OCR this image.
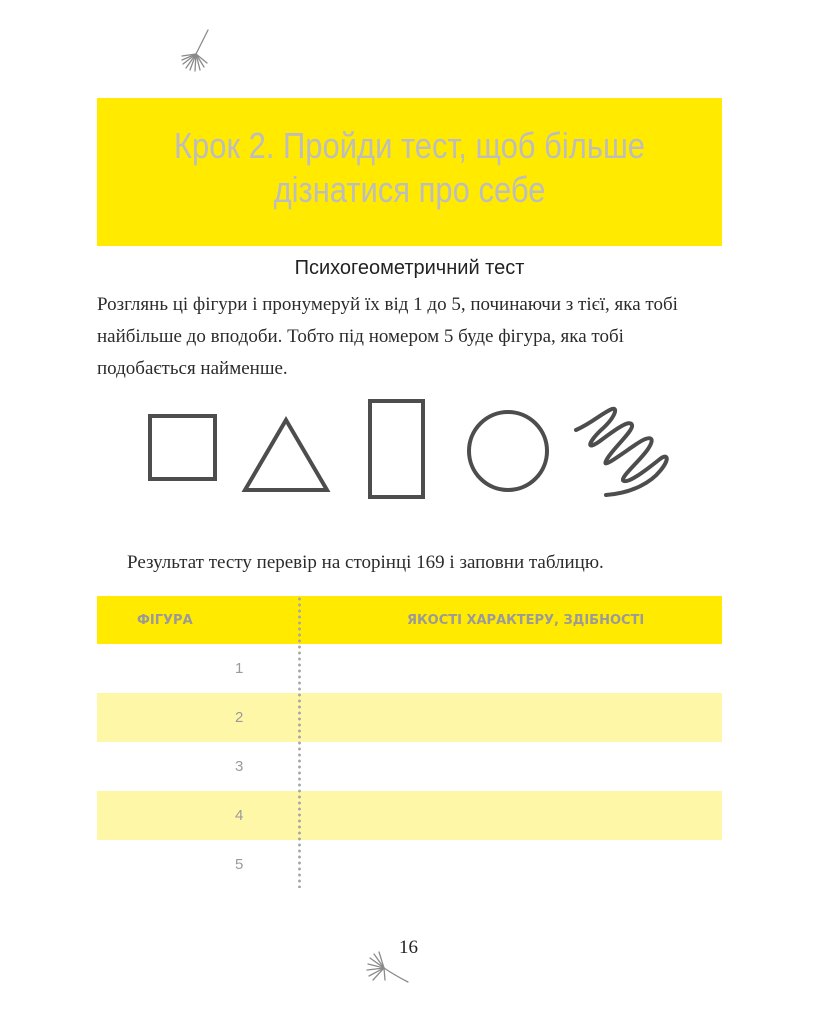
Крок 2. Пройди тест, щоб більше
дізнатися про себе
Психогеометричний тест
Розглянь ці фігури і пронумеруй їх від 1 до 5, починаючи з тієї, яка тобі найбільше до вподоби. Тобто під номером 5 буде фігура, яка тобі подобається найменше.
Результат тесту перевір на сторінці 169 і заповни таблицю.
ФІГУРА	ЯКОСТІ ХАРАКТЕРУ, ЗДІБНОСТІ
1
2
3
4
5
16
